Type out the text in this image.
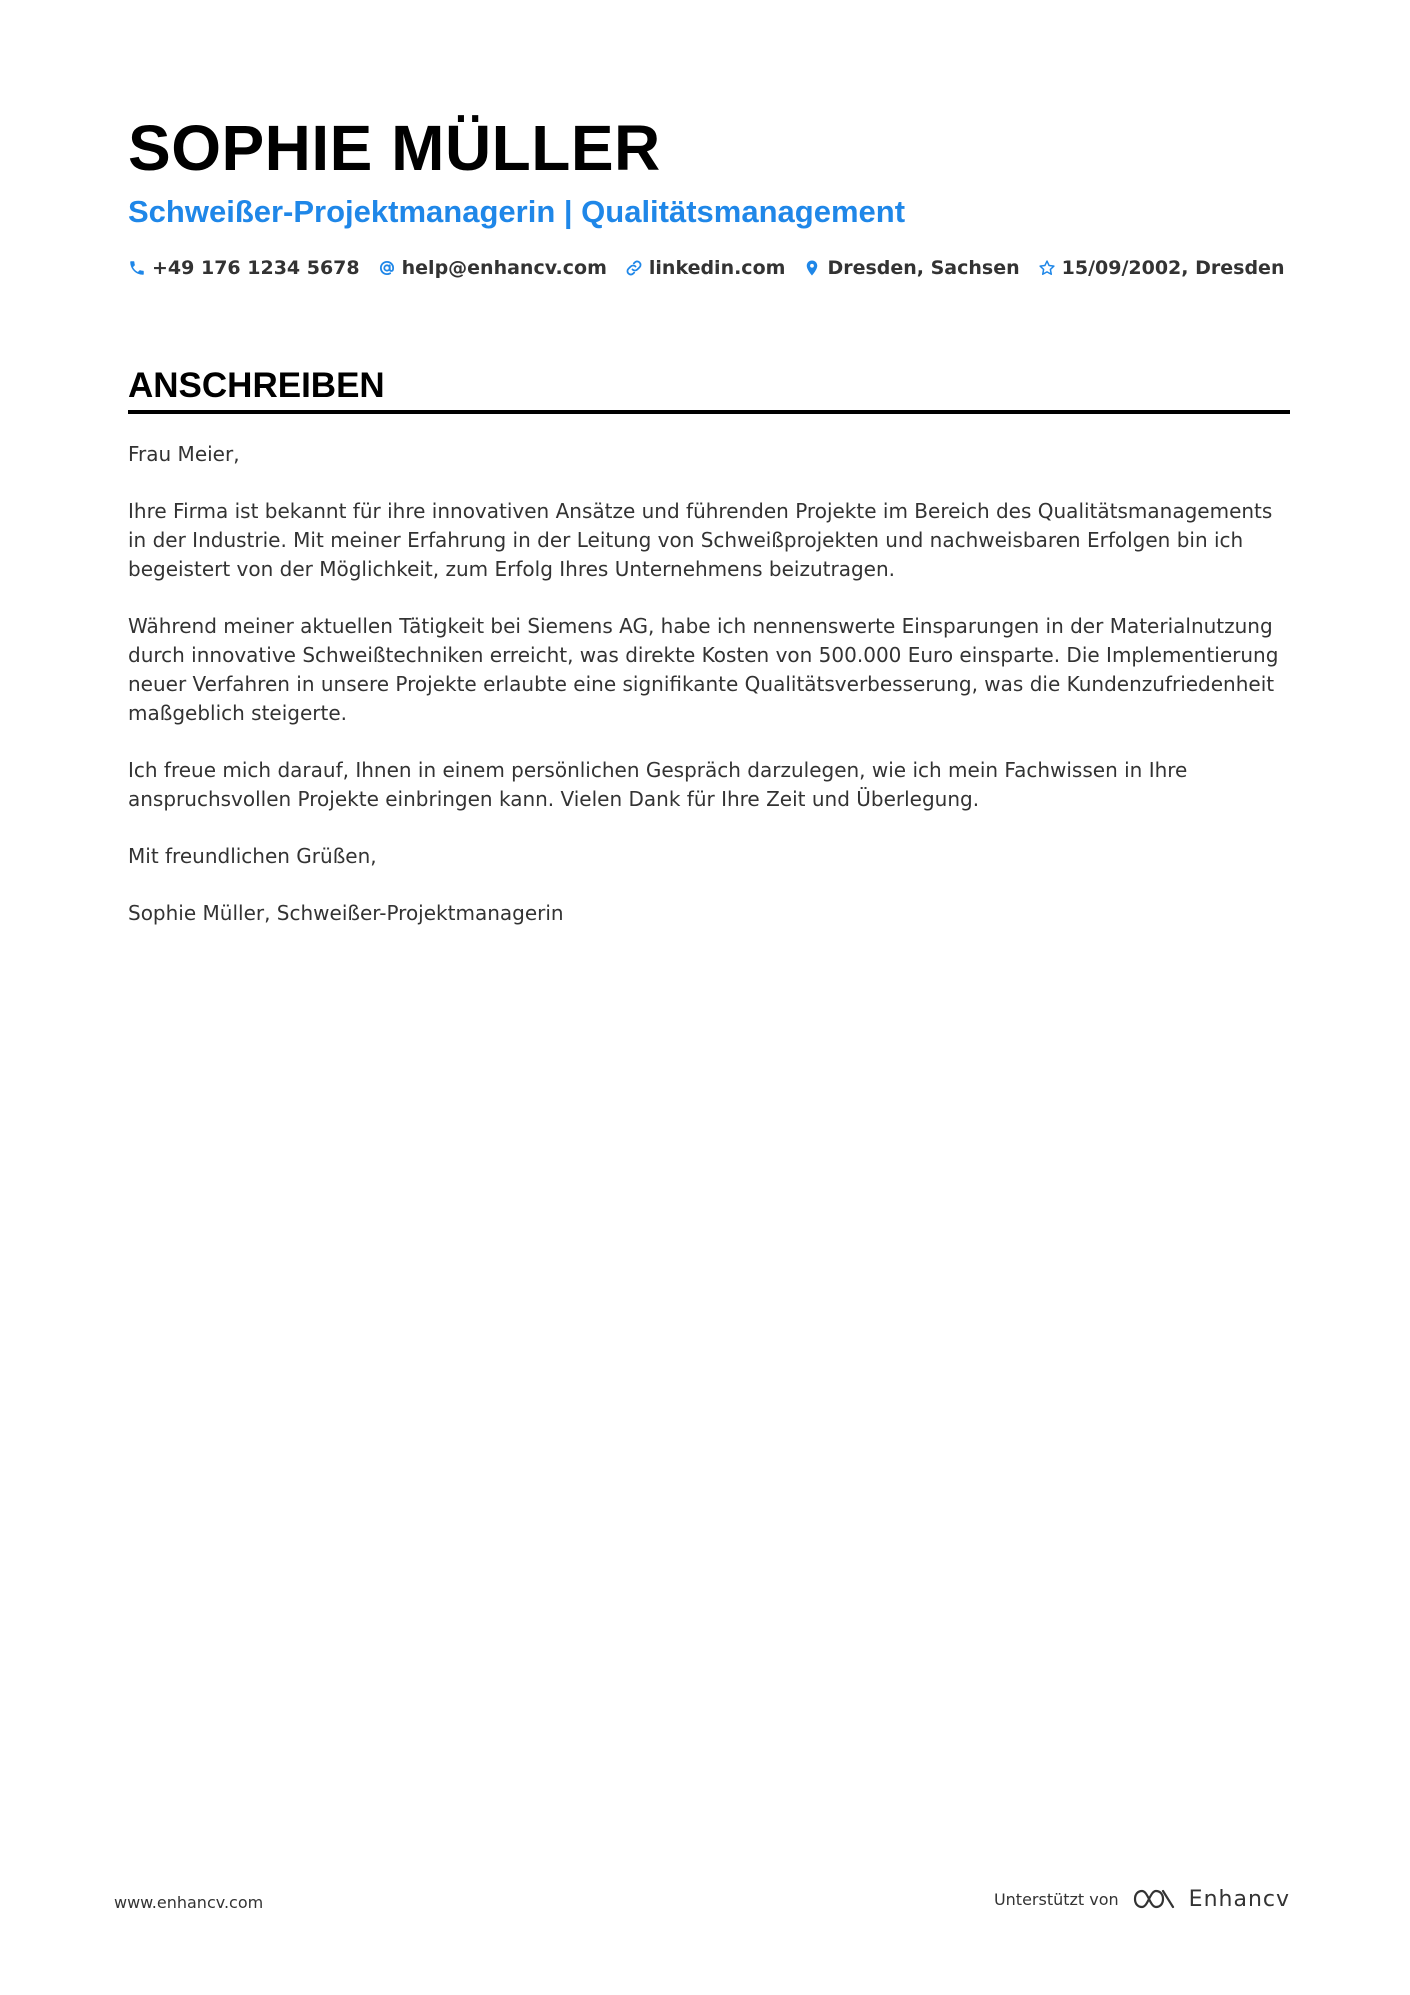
SOPHIE MÜLLER
Schweißer-Projektmanagerin | Qualitätsmanagement
+49 176 1234 5678 help@enhancv.com linkedin.com Dresden, Sachsen 15/09/2002, Dresden
ANSCHREIBEN

Frau Meier,

Ihre Firma ist bekannt für ihre innovativen Ansätze und führenden Projekte im Bereich des Qualitätsmanagements in der Industrie. Mit meiner Erfahrung in der Leitung von Schweißprojekten und nachweisbaren Erfolgen bin ich begeistert von der Möglichkeit, zum Erfolg Ihres Unternehmens beizutragen.

Während meiner aktuellen Tätigkeit bei Siemens AG, habe ich nennenswerte Einsparungen in der Materialnutzung durch innovative Schweißtechniken erreicht, was direkte Kosten von 500.000 Euro einsparte. Die Implementierung neuer Verfahren in unsere Projekte erlaubte eine signifikante Qualitätsverbesserung, was die Kundenzufriedenheit maßgeblich steigerte.

Ich freue mich darauf, Ihnen in einem persönlichen Gespräch darzulegen, wie ich mein Fachwissen in Ihre anspruchsvollen Projekte einbringen kann. Vielen Dank für Ihre Zeit und Überlegung.

Mit freundlichen Grüßen,

Sophie Müller, Schweißer-Projektmanagerin

www.enhancv.com	Unterstützt von	Enhancv
